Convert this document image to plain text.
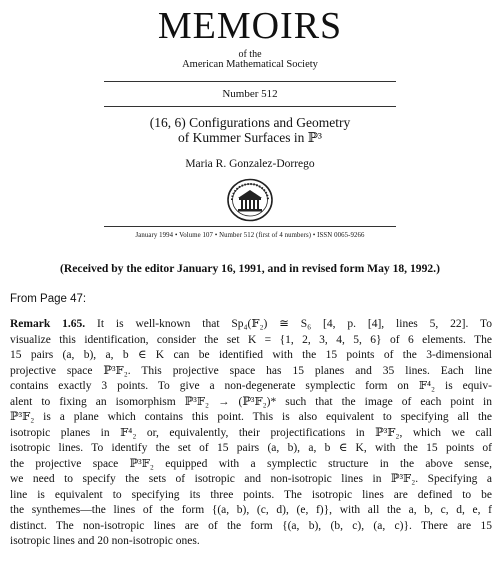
MEMOIRS
of the
American Mathematical Society
Number 512
(16, 6) Configurations and Geometry
of Kummer Surfaces in ℙ³
Maria R. Gonzalez-Dorrego
January 1994 • Volume 107 • Number 512 (first of 4 numbers) • ISSN 0065-9266
(Received by the editor January 16, 1991, and in revised form May 18, 1992.)
From Page 47:
Remark 1.65. It is well-known that Sp₄(𝔽₂) ≅ S₆ [4, p. [4], lines 5, 22]. To
visualize this identification, consider the set K = {1, 2, 3, 4, 5, 6} of 6 elements. The
15 pairs (a, b), a, b ∈ K can be identified with the 15 points of the 3-dimensional
projective space ℙ³𝔽₂. This projective space has 15 planes and 35 lines. Each line
contains exactly 3 points. To give a non-degenerate symplectic form on 𝔽⁴₂ is equiv-
alent to fixing an isomorphism ℙ³𝔽₂ → (ℙ³𝔽₂)* such that the image of each point in
ℙ³𝔽₂ is a plane which contains this point. This is also equivalent to specifying all the
isotropic planes in 𝔽⁴₂ or, equivalently, their projectifications in ℙ³𝔽₂, which we call
isotropic lines. To identify the set of 15 pairs (a, b), a, b ∈ K, with the 15 points of
the projective space ℙ³𝔽₂ equipped with a symplectic structure in the above sense,
we need to specify the sets of isotropic and non-isotropic lines in ℙ³𝔽₂. Specifying a
line is equivalent to specifying its three points. The isotropic lines are defined to be
the synthemes—the lines of the form {(a, b), (c, d), (e, f)}, with all the a, b, c, d, e, f
distinct. The non-isotropic lines are of the form {(a, b), (b, c), (a, c)}. There are 15
isotropic lines and 20 non-isotropic ones.
